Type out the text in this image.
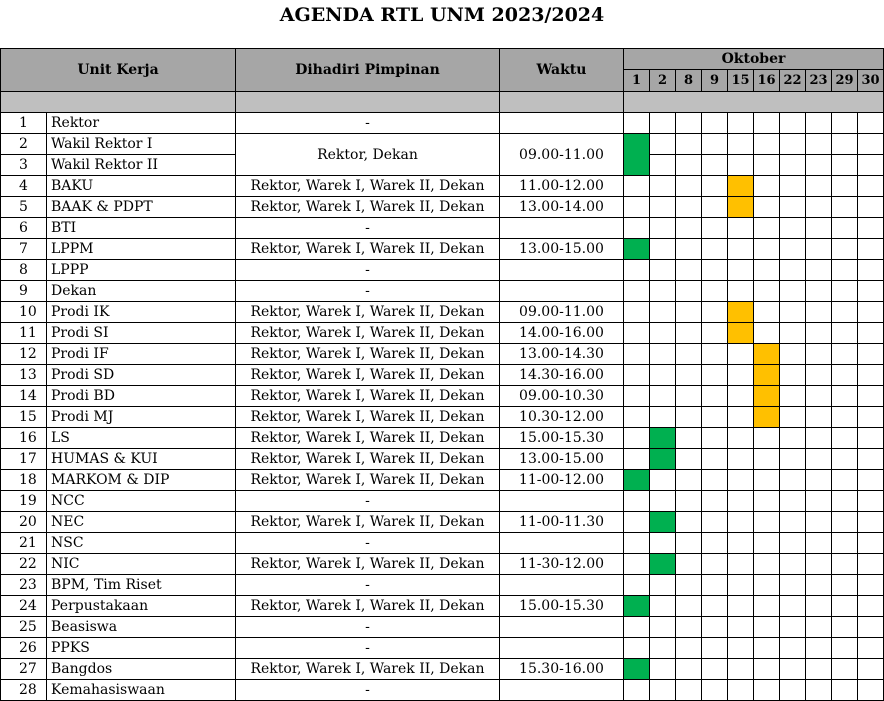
AGENDA RTL UNM 2023/2024
Unit Kerja		Dihadiri Pimpinan	Waktu	Oktober									
				1	2	8	9	15	16	22	23	29	30

1	Rektor	-											
2	Wakil Rektor I	Rektor, Dekan	09.00-11.00										
3	Wakil Rektor II												
4	BAKU	Rektor, Warek I, Warek II, Dekan	11.00-12.00										
5	BAAK & PDPT	Rektor, Warek I, Warek II, Dekan	13.00-14.00										
6	BTI	-											
7	LPPM	Rektor, Warek I, Warek II, Dekan	13.00-15.00										
8	LPPP	-											
9	Dekan	-											
10	Prodi IK	Rektor, Warek I, Warek II, Dekan	09.00-11.00										
11	Prodi SI	Rektor, Warek I, Warek II, Dekan	14.00-16.00										
12	Prodi IF	Rektor, Warek I, Warek II, Dekan	13.00-14.30										
13	Prodi SD	Rektor, Warek I, Warek II, Dekan	14.30-16.00										
14	Prodi BD	Rektor, Warek I, Warek II, Dekan	09.00-10.30										
15	Prodi MJ	Rektor, Warek I, Warek II, Dekan	10.30-12.00										
16	LS	Rektor, Warek I, Warek II, Dekan	15.00-15.30										
17	HUMAS & KUI	Rektor, Warek I, Warek II, Dekan	13.00-15.00										
18	MARKOM & DIP	Rektor, Warek I, Warek II, Dekan	11-00-12.00										
19	NCC	-											
20	NEC	Rektor, Warek I, Warek II, Dekan	11-00-11.30										
21	NSC	-											
22	NIC	Rektor, Warek I, Warek II, Dekan	11-30-12.00										
23	BPM, Tim Riset	-											
24	Perpustakaan	Rektor, Warek I, Warek II, Dekan	15.00-15.30										
25	Beasiswa	-											
26	PPKS	-											
27	Bangdos	Rektor, Warek I, Warek II, Dekan	15.30-16.00										
28	Kemahasiswaan	-											
